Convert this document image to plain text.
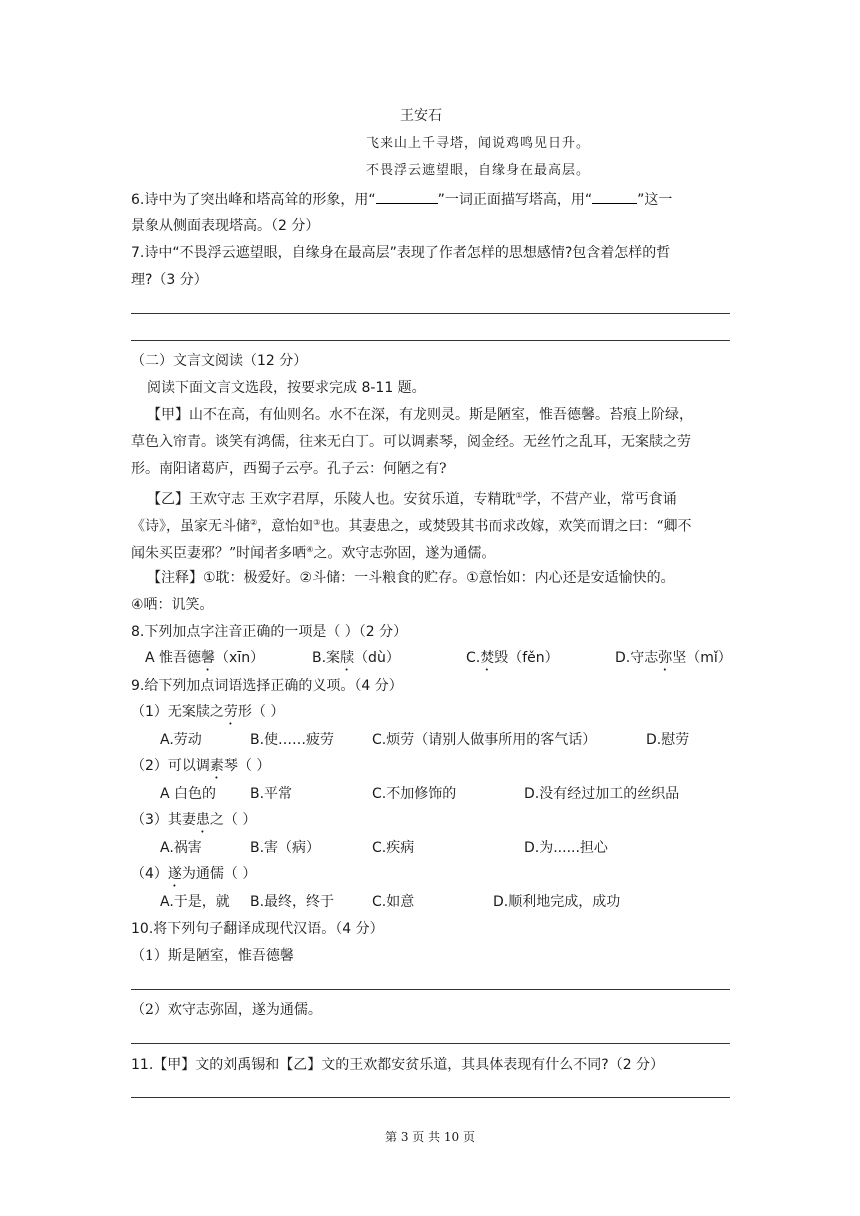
王安石
飞来山上千寻塔，闻说鸡鸣见日升。
不畏浮云遮望眼，自缘身在最高层。
6.诗中为了突出峰和塔高耸的形象，用“	”一词正面描写塔高，用“	”这一
景象从侧面表现塔高。（2 分）
7.诗中“不畏浮云遮望眼，自缘身在最高层”表现了作者怎样的思想感情?包含着怎样的哲
理?（3 分）
（二）文言文阅读（12 分）
阅读下面文言文选段，按要求完成 8-11 题。
【甲】山不在高，有仙则名。水不在深，有龙则灵。斯是陋室，惟吾德馨。苔痕上阶绿，
草色入帘青。谈笑有鸿儒，往来无白丁。可以调素琴，阅金经。无丝竹之乱耳，无案牍之劳
形。南阳诸葛庐，西蜀子云亭。孔子云：何陋之有?
【乙】王欢守志 王欢字君厚，乐陵人也。安贫乐道，专精耽①学，不营产业，常丐食诵
《诗》，虽家无斗储②，意怡如③也。其妻患之，或焚毁其书而求改嫁，欢笑而谓之曰：“卿不
闻朱买臣妻邪？”时闻者多哂④之。欢守志弥固，遂为通儒。
【注释】①耽：极爱好。②斗储：一斗粮食的贮存。①意怡如：内心还是安适愉快的。
④哂：讥笑。
8.下列加点字注音正确的一项是（ ）（2 分）
A 惟吾德馨（xīn）	B.案牍（dù）	C.焚毁（fěn）	D.守志弥坚（mǐ）
9.给下列加点词语选择正确的义项。（4 分）
（1）无案牍之劳形（ ）
A.劳动	B.使……疲劳	C.烦劳（请别人做事所用的客气话）	D.慰劳
（2）可以调素琴（ ）
A 白色的 B.平常	C.不加修饰的	D.没有经过加工的丝织品
（3）其妻患之（ ）
A.祸害	B.害（病）	C.疾病	D.为......担心
（4）遂为通儒（ ）
A.于是，就 B.最终，终于	C.如意	D.顺利地完成，成功
10.将下列句子翻译成现代汉语。（4 分）
（1）斯是陋室，惟吾德馨
（2）欢守志弥固，遂为通儒。
11.【甲】文的刘禹锡和【乙】文的王欢都安贫乐道，其具体表现有什么不同?（2 分）
第 3 页 共 10 页
